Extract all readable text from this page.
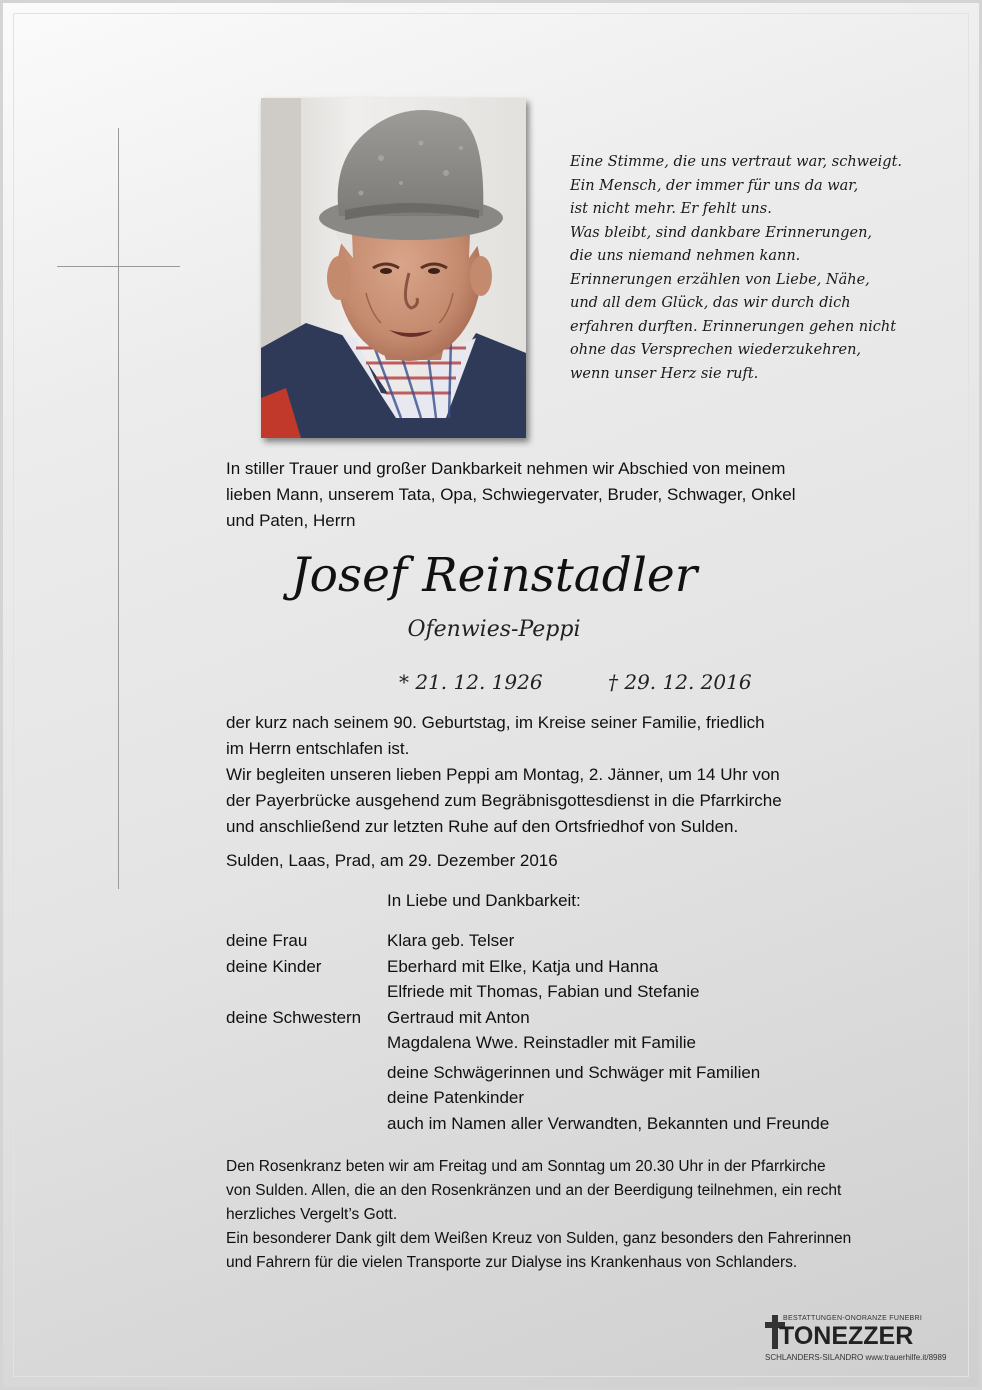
Eine Stimme, die uns vertraut war, schweigt.
Ein Mensch, der immer für uns da war,
ist nicht mehr. Er fehlt uns.
Was bleibt, sind dankbare Erinnerungen,
die uns niemand nehmen kann.
Erinnerungen erzählen von Liebe, Nähe,
und all dem Glück, das wir durch dich
erfahren durften. Erinnerungen gehen nicht
ohne das Versprechen wiederzukehren,
wenn unser Herz sie ruft.
In stiller Trauer und großer Dankbarkeit nehmen wir Abschied von meinem
lieben Mann, unserem Tata, Opa, Schwiegervater, Bruder, Schwager, Onkel
und Paten, Herrn
Josef Reinstadler
Ofenwies-Peppi
* 21. 12. 1926	† 29. 12. 2016
der kurz nach seinem 90. Geburtstag, im Kreise seiner Familie, friedlich
im Herrn entschlafen ist.
Wir begleiten unseren lieben Peppi am Montag, 2. Jänner, um 14 Uhr von
der Payerbrücke ausgehend zum Begräbnisgottesdienst in die Pfarrkirche
und anschließend zur letzten Ruhe auf den Ortsfriedhof von Sulden.
Sulden, Laas, Prad, am 29. Dezember 2016
In Liebe und Dankbarkeit:
deine Frau	Klara geb. Telser
deine Kinder	Eberhard mit Elke, Katja und Hanna
Elfriede mit Thomas, Fabian und Stefanie
deine Schwestern Gertraud mit Anton
Magdalena Wwe. Reinstadler mit Familie
deine Schwägerinnen und Schwäger mit Familien
deine Patenkinder
auch im Namen aller Verwandten, Bekannten und Freunde
Den Rosenkranz beten wir am Freitag und am Sonntag um 20.30 Uhr in der Pfarrkirche
von Sulden. Allen, die an den Rosenkränzen und an der Beerdigung teilnehmen, ein recht
herzliches Vergelt’s Gott.
Ein besonderer Dank gilt dem Weißen Kreuz von Sulden, ganz besonders den Fahrerinnen
und Fahrern für die vielen Transporte zur Dialyse ins Krankenhaus von Schlanders.
BESTATTUNGEN-ONORANZE FUNEBRI
TONEZZER
SCHLANDERS-SILANDRO www.trauerhilfe.it/8989
